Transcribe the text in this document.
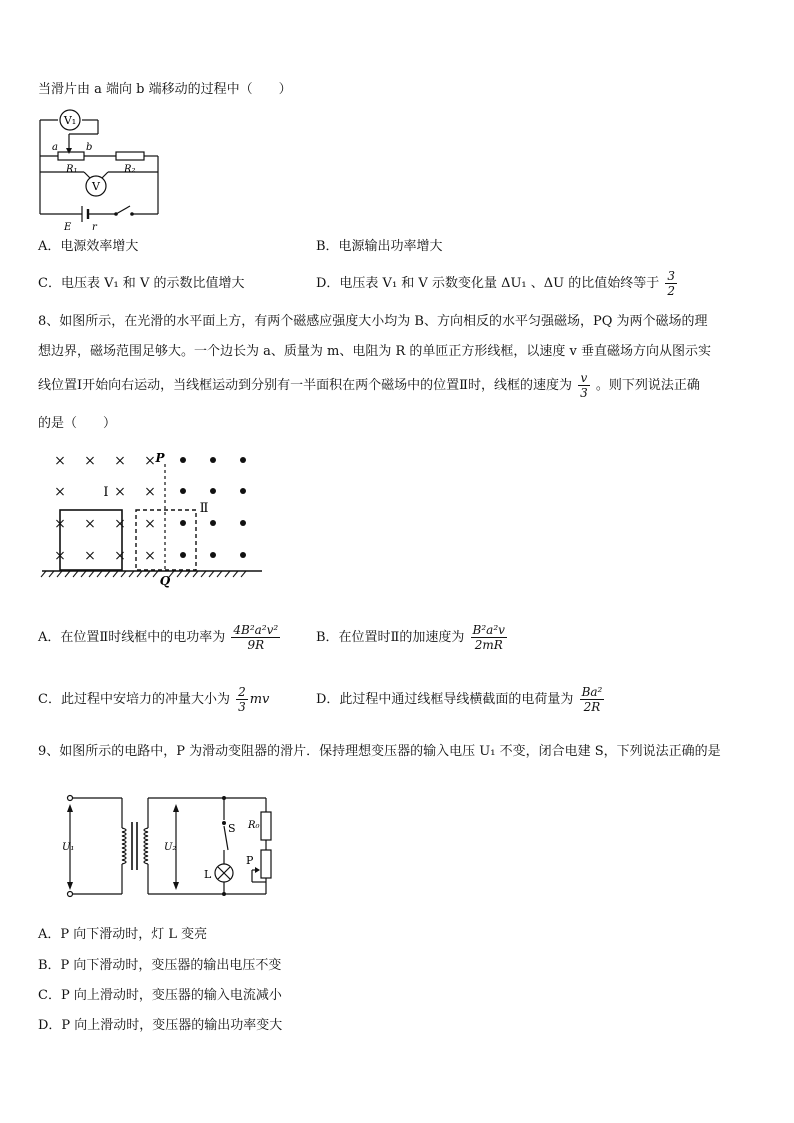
当滑片由 a 端向 b 端移动的过程中（　　）
V₁
V
a	b
R₁	R₂
E r
A．电源效率增大	B．电源输出功率增大
C．电压表 V₁ 和 V 的示数比值增大	D．电压表 V₁ 和 V 示数变化量 ΔU₁ 、ΔU 的比值始终等于 $\frac{3}{2}$
8、如图所示，在光滑的水平面上方，有两个磁感应强度大小均为 B、方向相反的水平匀强磁场，PQ 为两个磁场的理
想边界，磁场范围足够大。一个边长为 a、质量为 m、电阻为 R 的单匝正方形线框，以速度 v 垂直磁场方向从图示实
线位置Ⅰ开始向右运动，当线框运动到分别有一半面积在两个磁场中的位置Ⅱ时，线框的速度为 $\frac{v}{3}$ 。则下列说法正确
的是（　　）
× × × ×
×	× ×
× × × ×
× × × ×
P
Q
Ⅰ
Ⅱ
A．在位置Ⅱ时线框中的电功率为 $\frac{\text{4B²a²v²}}{9R}$	B．在位置时Ⅱ的加速度为 $\frac{\text{B²a²v}}{2mR}$
C．此过程中安培力的冲量大小为 $\frac{2}{3}$ mv	D．此过程中通过线框导线横截面的电荷量为 $\frac{\text{Ba²}}{2R}$
9、如图所示的电路中，P 为滑动变阻器的滑片．保持理想变压器的输入电压 U₁ 不变，闭合电建 S，下列说法正确的是
U₁	U₂
S R₀
P
L
A．P 向下滑动时，灯 L 变亮
B．P 向下滑动时，变压器的输出电压不变
C．P 向上滑动时，变压器的输入电流减小
D．P 向上滑动时，变压器的输出功率变大
